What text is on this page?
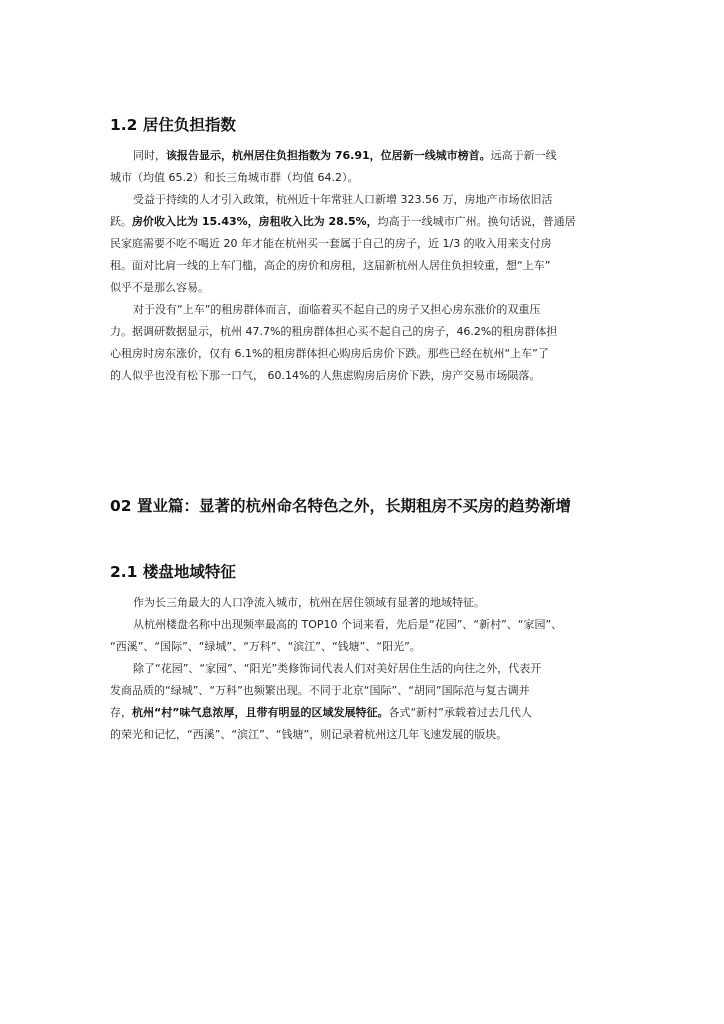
1.2 居住负担指数
同时，该报告显示，杭州居住负担指数为 76.91，位居新一线城市榜首。远高于新一线
城市（均值 65.2）和长三角城市群（均值 64.2）。
受益于持续的人才引入政策，杭州近十年常驻人口新增 323.56 万，房地产市场依旧活
跃。房价收入比为 15.43%，房租收入比为 28.5%，均高于一线城市广州。换句话说，普通居
民家庭需要不吃不喝近 20 年才能在杭州买一套属于自己的房子，近 1/3 的收入用来支付房
租。面对比肩一线的上车门槛，高企的房价和房租，这届新杭州人居住负担较重，想“上车”
似乎不是那么容易。
对于没有“上车”的租房群体而言，面临着买不起自己的房子又担心房东涨价的双重压
力。据调研数据显示，杭州 47.7%的租房群体担心买不起自己的房子，46.2%的租房群体担
心租房时房东涨价，仅有 6.1%的租房群体担心购房后房价下跌。那些已经在杭州“上车”了
的人似乎也没有松下那一口气， 60.14%的人焦虑购房后房价下跌，房产交易市场陨落。
02 置业篇：显著的杭州命名特色之外，长期租房不买房的趋势渐增
2.1 楼盘地域特征
作为长三角最大的人口净流入城市，杭州在居住领域有显著的地域特征。
从杭州楼盘名称中出现频率最高的 TOP10 个词来看，先后是“花园”、“新村”、“家园”、
“西溪”、“国际”、“绿城”、“万科”、“滨江”、“钱塘”、“阳光”。
除了“花园”、“家园”、“阳光”类修饰词代表人们对美好居住生活的向往之外，代表开
发商品质的“绿城”、“万科”也频繁出现。不同于北京“国际”、“胡同”国际范与复古调并
存，杭州“村”味气息浓厚，且带有明显的区域发展特征。各式“新村”承载着过去几代人
的荣光和记忆，“西溪”、“滨江”、“钱塘”，则记录着杭州这几年飞速发展的版块。
